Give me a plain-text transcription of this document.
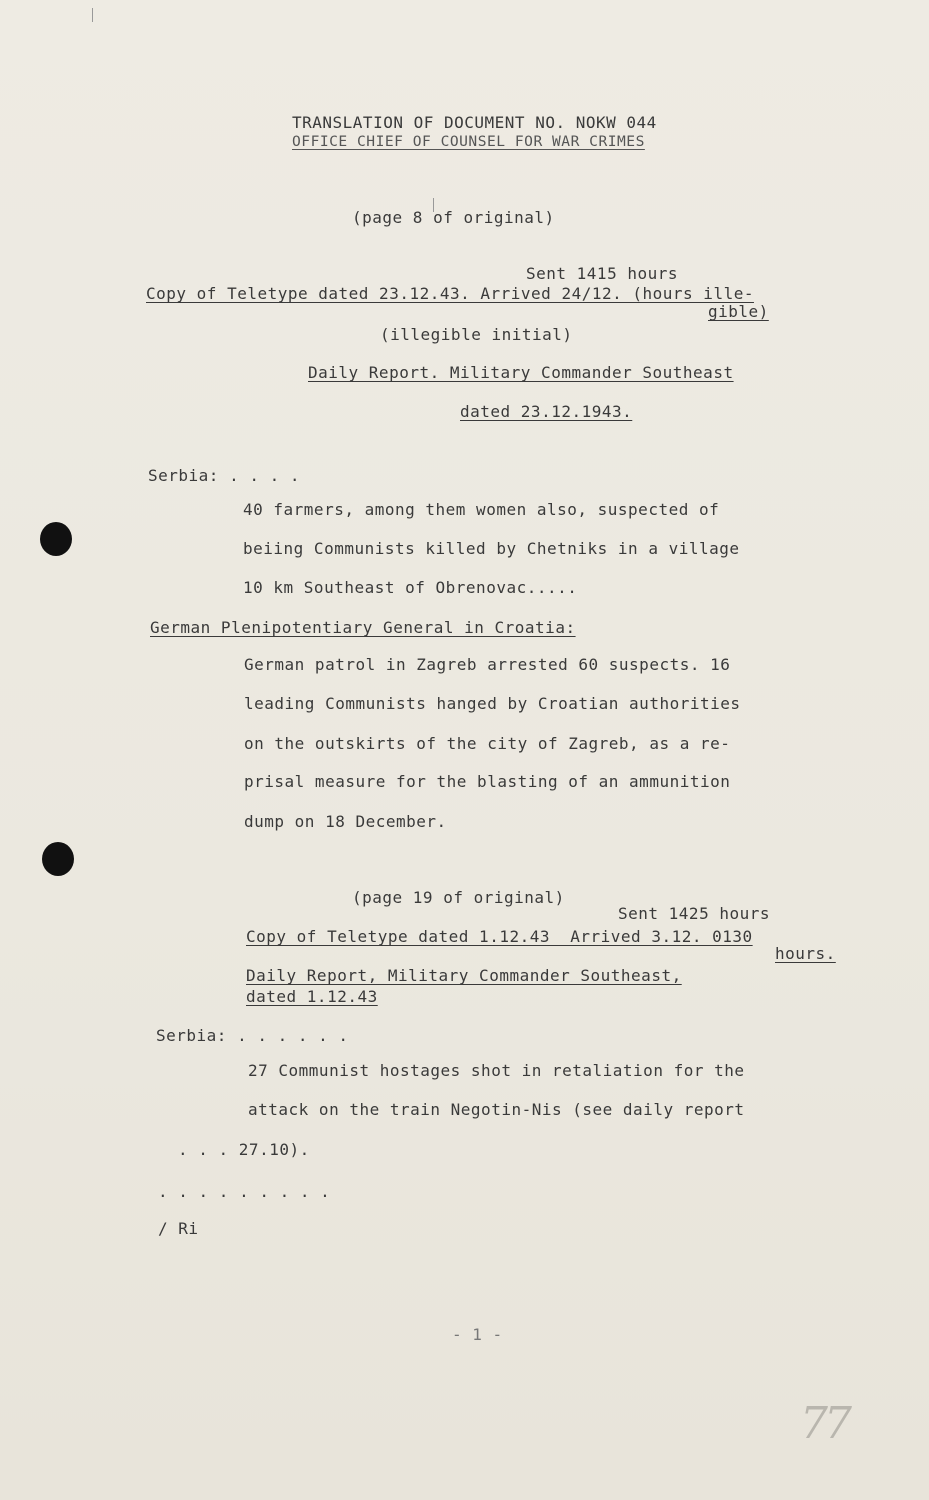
TRANSLATION OF DOCUMENT NO. NOKW 044
OFFICE CHIEF OF COUNSEL FOR WAR CRIMES
(page 8 of original)
Sent 1415 hours
Copy of Teletype dated 23.12.43. Arrived 24/12. (hours ille-
gible)
(illegible initial)
Daily Report. Military Commander Southeast
dated 23.12.1943.
Serbia: . . . .
40 farmers, among them women also, suspected of
beiing Communists killed by Chetniks in a village
10 km Southeast of Obrenovac.....
German Plenipotentiary General in Croatia:
German patrol in Zagreb arrested 60 suspects. 16
leading Communists hanged by Croatian authorities
on the outskirts of the city of Zagreb, as a re-
prisal measure for the blasting of an ammunition
dump on 18 December.
(page 19 of original)
Sent 1425 hours
Copy of Teletype dated 1.12.43  Arrived 3.12. 0130
hours.
Daily Report, Military Commander Southeast,
dated 1.12.43
Serbia: . . . . . .
27 Communist hostages shot in retaliation for the
attack on the train Negotin-Nis (see daily report
. . . 27.10).
. . . . . . . . .
/ Ri
- 1 -
77
